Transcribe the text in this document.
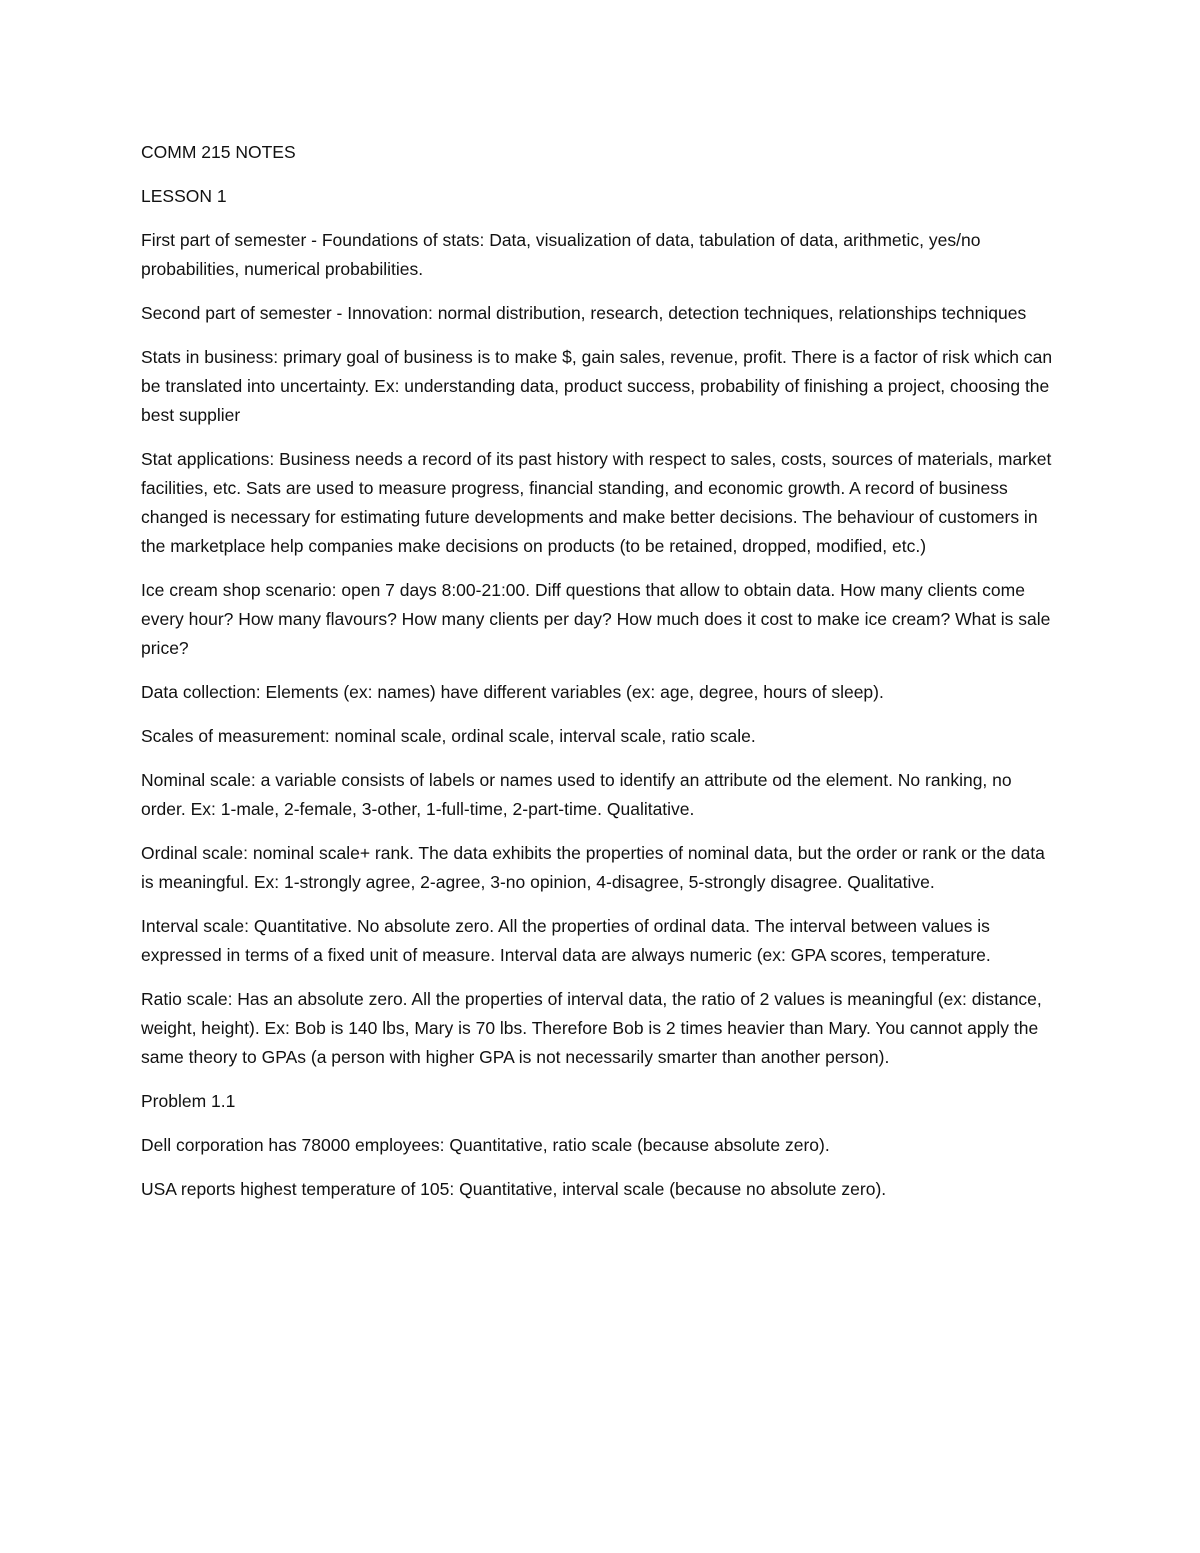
COMM 215 NOTES

LESSON 1

First part of semester - Foundations of stats: Data, visualization of data, tabulation of data, arithmetic, yes/no probabilities, numerical probabilities.

Second part of semester - Innovation: normal distribution, research, detection techniques, relationships techniques

Stats in business: primary goal of business is to make $, gain sales, revenue, profit. There is a factor of risk which can be translated into uncertainty. Ex: understanding data, product success, probability of finishing a project, choosing the best supplier

Stat applications: Business needs a record of its past history with respect to sales, costs, sources of materials, market facilities, etc. Sats are used to measure progress, financial standing, and economic growth. A record of business changed is necessary for estimating future developments and make better decisions. The behaviour of customers in the marketplace help companies make decisions on products (to be retained, dropped, modified, etc.)

Ice cream shop scenario: open 7 days 8:00-21:00. Diff questions that allow to obtain data. How many clients come every hour? How many flavours? How many clients per day? How much does it cost to make ice cream? What is sale price?

Data collection: Elements (ex: names) have different variables (ex: age, degree, hours of sleep).

Scales of measurement: nominal scale, ordinal scale, interval scale, ratio scale.

Nominal scale: a variable consists of labels or names used to identify an attribute od the element. No ranking, no order. Ex: 1-male, 2-female, 3-other, 1-full-time, 2-part-time. Qualitative.

Ordinal scale: nominal scale+ rank. The data exhibits the properties of nominal data, but the order or rank or the data is meaningful. Ex: 1-strongly agree, 2-agree, 3-no opinion, 4-disagree, 5-strongly disagree. Qualitative.

Interval scale: Quantitative. No absolute zero. All the properties of ordinal data. The interval between values is expressed in terms of a fixed unit of measure. Interval data are always numeric (ex: GPA scores, temperature.

Ratio scale: Has an absolute zero. All the properties of interval data, the ratio of 2 values is meaningful (ex: distance, weight, height). Ex: Bob is 140 lbs, Mary is 70 lbs. Therefore Bob is 2 times heavier than Mary. You cannot apply the same theory to GPAs (a person with higher GPA is not necessarily smarter than another person).

Problem 1.1

Dell corporation has 78000 employees: Quantitative, ratio scale (because absolute zero).

USA reports highest temperature of 105: Quantitative, interval scale (because no absolute zero).
